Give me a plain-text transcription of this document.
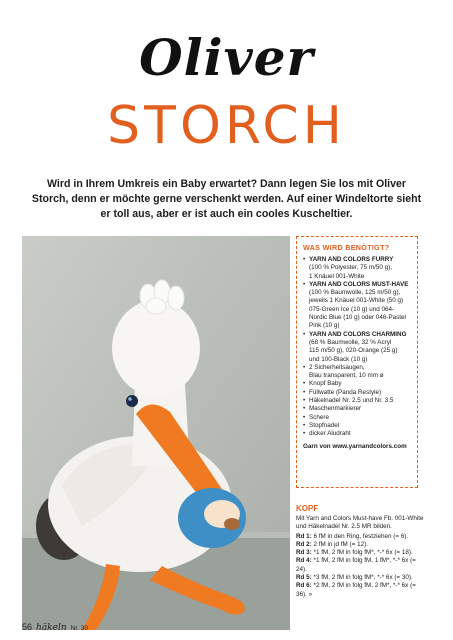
Oliver
STORCH

Wird in Ihrem Umkreis ein Baby erwartet? Dann legen Sie los mit Oliver Storch, denn er möchte gerne verschenkt werden. Auf einer Windeltorte sieht er toll aus, aber er ist auch ein cooles Kuscheltier.

WAS WIRD BENÖTIGT?
• YARN AND COLORS FURRY
(100 % Polyester, 75 m/50 g),
1 Knäuel 001-White
• YARN AND COLORS MUST-HAVE
(100 % Baumwolle, 125 m/50 g),
jeweils 1 Knäuel 001-White (50 g)
075-Green Ice (10 g) und 064-
Nordic Blue (10 g) oder 046-Pastel
Pink (10 g)
• YARN AND COLORS CHARMING
(68 % Baumwolle, 32 % Acryl
115 m/50 g), 020-Orange (25 g)
und 100-Black (10 g)
• 2 Sicherheitsaugen,
Blau transparent, 10 mm ø
• Knopf Baby
• Füllwatte (Panda Restyle)
• Häkelnadel Nr. 2.5 und Nr. 3.5
• Maschenmarkierer
• Schere
• Stopfnadel
• dicker Aludraht
Garn von www.yarnandcolors.com
KOPF
Mit Yarn and Colors Must-have Fb. 001-White und Häkelnadel Nr. 2.5 MR bilden.
Rd 1: 6 fM in den Ring, festziehen (= 6).
Rd 2: 2 fM in jd fM (= 12).
Rd 3: *1 fM, 2 fM in folg fM*, *-* 6x (= 18).
Rd 4: *1 fM, 2 fM in folg fM, 1 fM*, *-* 6x (= 24).
Rd 5: *3 fM, 2 fM in folg fM*, *-* 6x (= 30).
Rd 6: *2 fM, 2 fM in folg fM, 2 fM*, *-* 6x (= 36). »
56 häkeln Nr. 30
